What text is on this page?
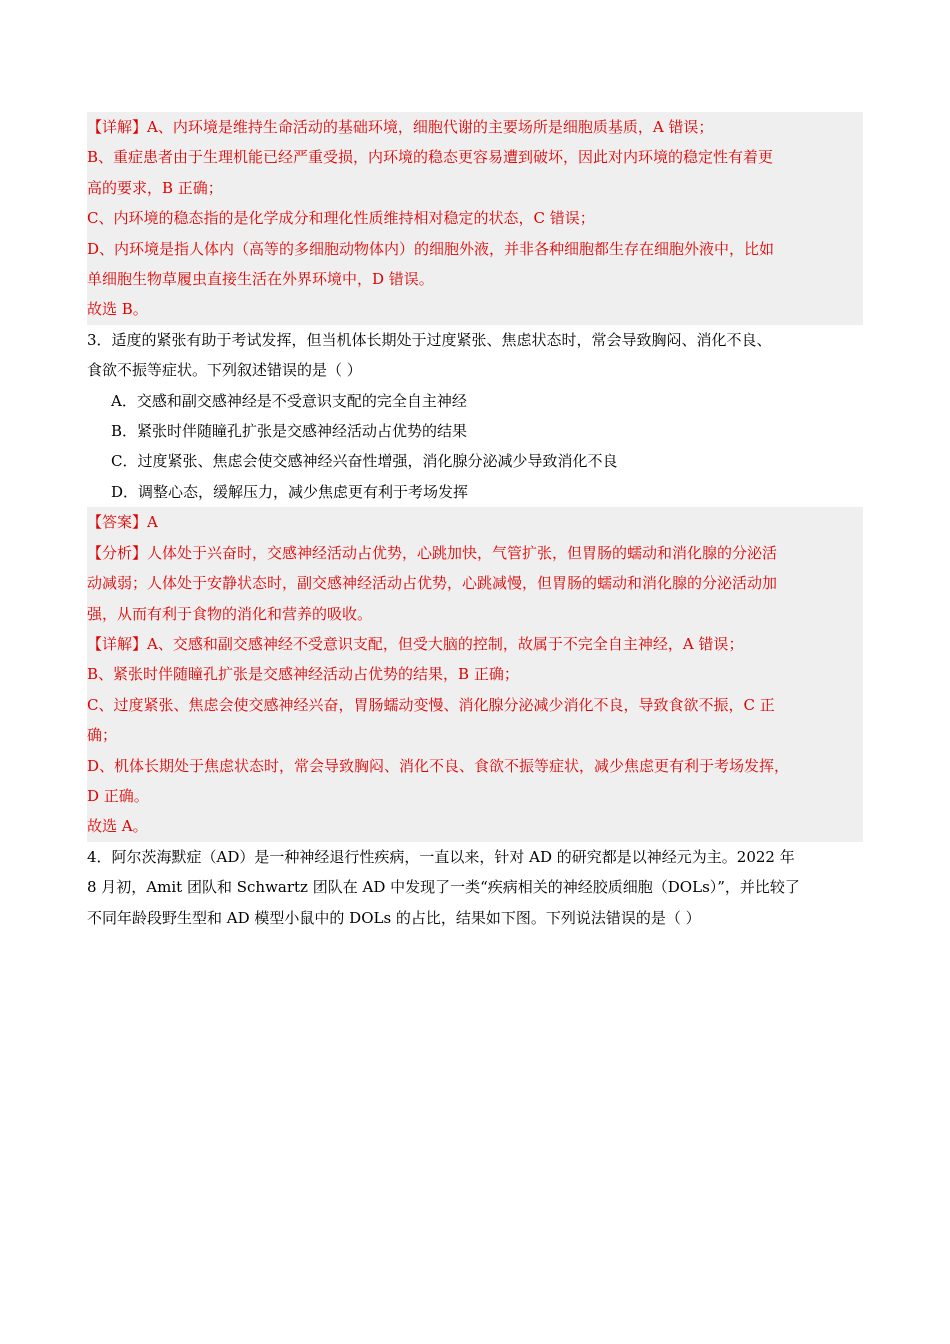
【详解】A、内环境是维持生命活动的基础环境，细胞代谢的主要场所是细胞质基质，A 错误；
B、重症患者由于生理机能已经严重受损，内环境的稳态更容易遭到破坏，因此对内环境的稳定性有着更
高的要求，B 正确；
C、内环境的稳态指的是化学成分和理化性质维持相对稳定的状态，C 错误；
D、内环境是指人体内（高等的多细胞动物体内）的细胞外液，并非各种细胞都生存在细胞外液中，比如
单细胞生物草履虫直接生活在外界环境中，D 错误。
故选 B。
3．适度的紧张有助于考试发挥，但当机体长期处于过度紧张、焦虑状态时，常会导致胸闷、消化不良、
食欲不振等症状。下列叙述错误的是（ ）
A．交感和副交感神经是不受意识支配的完全自主神经
B．紧张时伴随瞳孔扩张是交感神经活动占优势的结果
C．过度紧张、焦虑会使交感神经兴奋性增强，消化腺分泌减少导致消化不良
D．调整心态，缓解压力，减少焦虑更有利于考场发挥
【答案】A
【分析】人体处于兴奋时，交感神经活动占优势，心跳加快，气管扩张，但胃肠的蠕动和消化腺的分泌活
动减弱；人体处于安静状态时，副交感神经活动占优势，心跳减慢，但胃肠的蠕动和消化腺的分泌活动加
强，从而有利于食物的消化和营养的吸收。
【详解】A、交感和副交感神经不受意识支配，但受大脑的控制，故属于不完全自主神经，A 错误；
B、紧张时伴随瞳孔扩张是交感神经活动占优势的结果，B 正确；
C、过度紧张、焦虑会使交感神经兴奋，胃肠蠕动变慢、消化腺分泌减少消化不良，导致食欲不振，C 正
确；
D、机体长期处于焦虑状态时，常会导致胸闷、消化不良、食欲不振等症状，减少焦虑更有利于考场发挥，
D 正确。
故选 A。
4．阿尔茨海默症（AD）是一种神经退行性疾病，一直以来，针对 AD 的研究都是以神经元为主。2022 年
8 月初，Amit 团队和 Schwartz 团队在 AD 中发现了一类“疾病相关的神经胶质细胞（DOLs）”，并比较了
不同年龄段野生型和 AD 模型小鼠中的 DOLs 的占比，结果如下图。下列说法错误的是（ ）
